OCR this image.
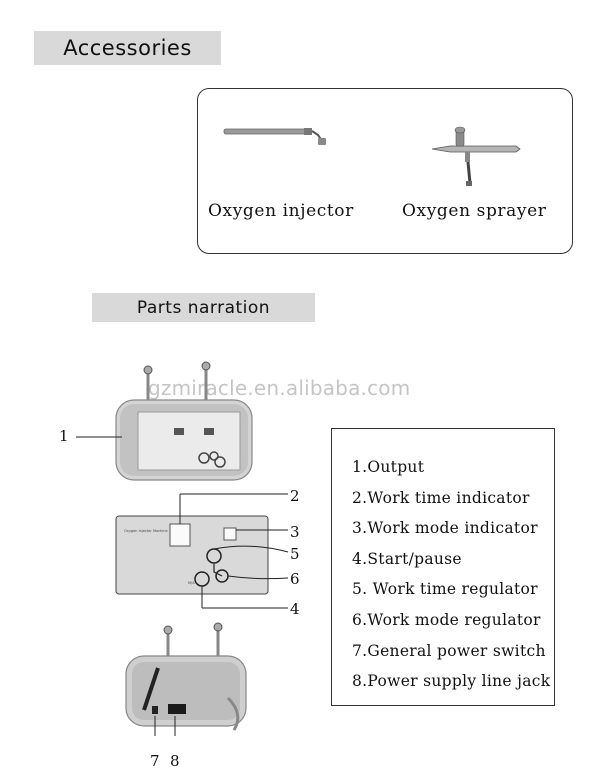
Accessories
Oxygen injector	Oxygen sprayer
Parts narration
gzmiracle.en.alibaba.com
1
Oxygen Injector Machine
M/A
2
3
5
6
4
7 8
1.Output
2.Work time indicator
3.Work mode indicator
4.Start/pause
5. Work time regulator
6.Work mode regulator
7.General power switch
8.Power supply line jack
